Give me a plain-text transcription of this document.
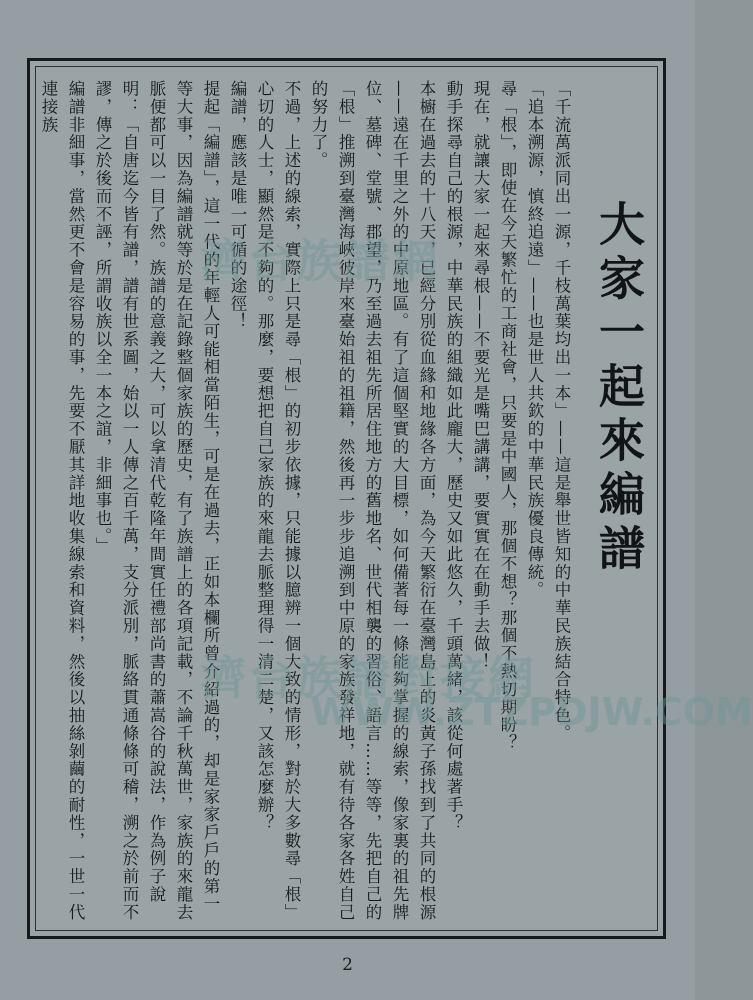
大家一起來編譜

「千流萬派同出一源，千枝萬葉均出一本」——這是舉世皆知的中華民族結合特色。

「追本溯源，慎終追遠」——也是世人共欽的中華民族優良傳統。

尋「根」，即使在今天繁忙的工商社會，只要是中國人，那個不想？那個不熱切期盼？

現在，就讓大家一起來尋根——不要光是嘴巴講講，要實實在在動手去做！

動手探尋自己的根源，中華民族的組織如此龐大，歷史又如此悠久，千頭萬緒，該從何處著手？

本櫥在過去的十八天，已經分別從血緣和地緣各方面，為今天繁衍在臺灣島上的炎黃子孫找到了共同的根源——遠在千里之外的中原地區。有了這個堅實的大目標，如何備著每一條能夠掌握的線索，像家裏的祖先牌位、墓碑、堂號、郡望，乃至過去祖先所居住地方的舊地名、世代相襲的習俗、語言……等等，先把自己的「根」推溯到臺灣海峽彼岸來臺始祖的祖籍，然後再一步步追溯到中原的家族發祥地，就有待各家各姓自己的努力了。

不過，上述的線索，實際上只是尋「根」的初步依據，只能據以臆辨一個大致的情形，對於大多數尋「根」心切的人士，顯然是不夠的。那麼，要想把自己家族的來龍去脈整理得一清二楚，又該怎麼辦？

編譜，應該是唯一可循的途徑！

提起「編譜」，這一代的年輕人可能相當陌生，可是在過去，正如本欄所曾介紹過的，却是家家戶戶的第一等大事，因為編譜就等於是在記錄整個家族的歷史，有了族譜上的各項記載，不論千秋萬世，家族的來龍去脈便都可以一目了然。族譜的意義之大，可以拿清代乾隆年間實任禮部尚書的蕭嵩谷的說法，作為例子說明：「自唐迄今皆有譜，譜有世系圖，始以一人傳之百千萬，支分派別，脈絡貫通條條可稽，溯之於前而不謬，傳之於後而不誣，所謂收族以全一本之誼，非細事也。」

編譜非細事，當然更不會是容易的事，先要不厭其詳地收集線索和資料，然後以抽絲剝繭的耐性，一世一代連接族

濟台族譜網
濟台族譜對接網
WWW.ZTZPDJW.COM
2
